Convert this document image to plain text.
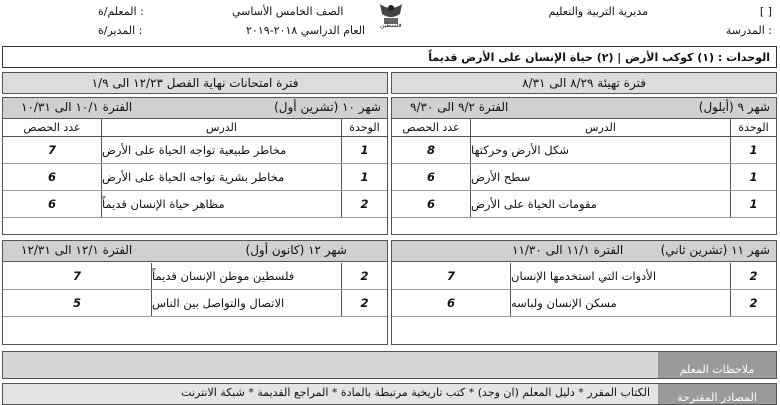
مديرية التربية والتعليم	[ ]
المدرسة :
الصف الخامس الأساسي
العام الدراسي ٢٠١٨-٢٠١٩
المعلم/ة :
المدير/ة :	فلسطين
الوحدات : (١) كوكب الأرض | (٢) حياة الإنسان على الأرض قديماً
فترة تهيئة ٨/٢٩ الى ٨/٣١
فترة امتحانات نهاية الفصل ١٢/٢٣ الى ١/٩
شهر ٩ (أيلول)
الفترة ٩/٢ الى ٩/٣٠
الوحدة
الدرس
عدد الحصص
1
شكل الأرض وحركتها
8
1
سطح الأرض
6
1
مقومات الحياة على الأرض
6
شهر ١٠ (تشرين أول)
الفترة ١٠/١ الى ١٠/٣١
الوحدة
الدرس
عدد الحصص
1
مخاطر طبيعية تواجه الحياة على الأرض
7
1
مخاطر بشرية تواجه الحياة على الأرض
6
2
مظاهر حياة الإنسان قديماً
6
شهر ١١ (تشرين ثاني)
الفترة ١١/١ الى ١١/٣٠
2
الأدوات التي استخدمها الإنسان
7
2
مسكن الإنسان ولباسه
6
شهر ١٢ (كانون أول)
الفترة ١٢/١ الى ١٢/٣١
2
فلسطين موطن الإنسان قديماً
7
2
الاتصال والتواصل بين الناس
5
ملاحظات المعلم
المصادر المقترحة
الكتاب المقرر * دليل المعلم (ان وجد) * كتب تاريخية مرتبطة بالمادة * المراجع القديمة * شبكة الانترنت
